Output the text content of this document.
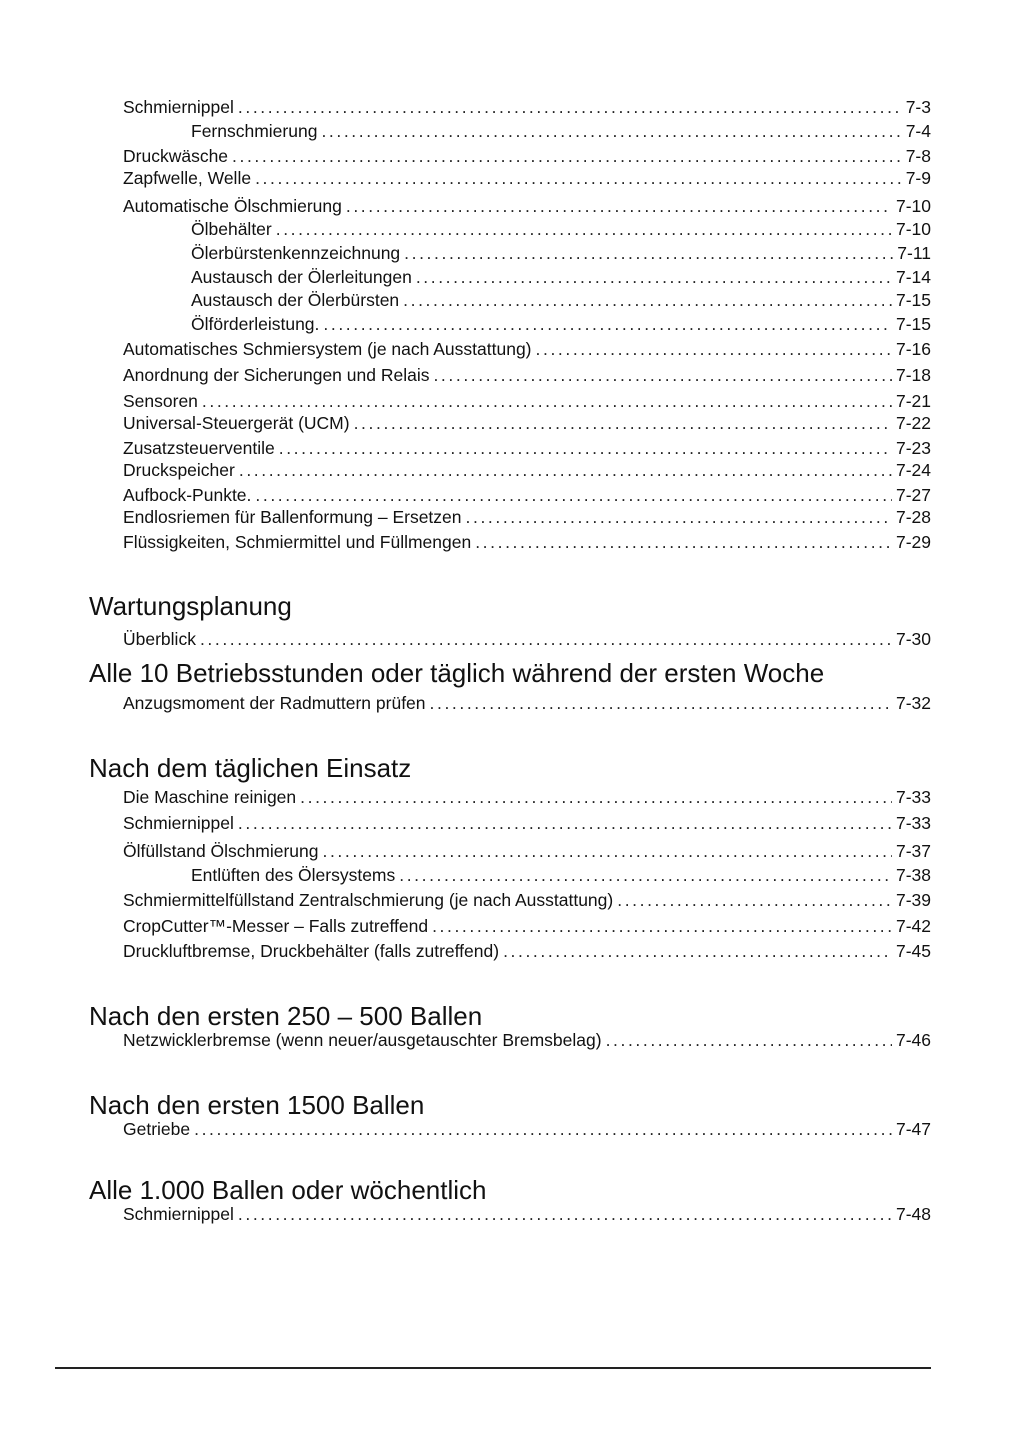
Schmiernippel .....	7-3
Fernschmierung .....	7-4
Druckwäsche .....	7-8
Zapfwelle, Welle .....	7-9
Automatische Ölschmierung .....	7-10
Ölbehälter .....	7-10
Ölerbürstenkennzeichnung .....	7-11
Austausch der Ölerleitungen .....	7-14
Austausch der Ölerbürsten .....	7-15
Ölförderleistung. .....	7-15
Automatisches Schmiersystem (je nach Ausstattung) .....	7-16
Anordnung der Sicherungen und Relais .....	7-18
Sensoren .....	7-21
Universal-Steuergerät (UCM) .....	7-22
Zusatzsteuerventile .....	7-23
Druckspeicher .....	7-24
Aufbock-Punkte. .....	7-27
Endlosriemen für Ballenformung – Ersetzen .....	7-28
Flüssigkeiten, Schmiermittel und Füllmengen .....	7-29
Wartungsplanung
Überblick .....	7-30
Alle 10 Betriebsstunden oder täglich während der ersten Woche
Anzugsmoment der Radmuttern prüfen .....	7-32
Nach dem täglichen Einsatz
Die Maschine reinigen .....	7-33
Schmiernippel .....	7-33
Ölfüllstand Ölschmierung .....	7-37
Entlüften des Ölersystems .....	7-38
Schmiermittelfüllstand Zentralschmierung (je nach Ausstattung) .....	7-39
CropCutter™-Messer – Falls zutreffend .....	7-42
Druckluftbremse, Druckbehälter (falls zutreffend) .....	7-45
Nach den ersten 250 – 500 Ballen
Netzwicklerbremse (wenn neuer/ausgetauschter Bremsbelag) .....	7-46
Nach den ersten 1500 Ballen
Getriebe .....	7-47
Alle 1.000 Ballen oder wöchentlich
Schmiernippel .....	7-48
